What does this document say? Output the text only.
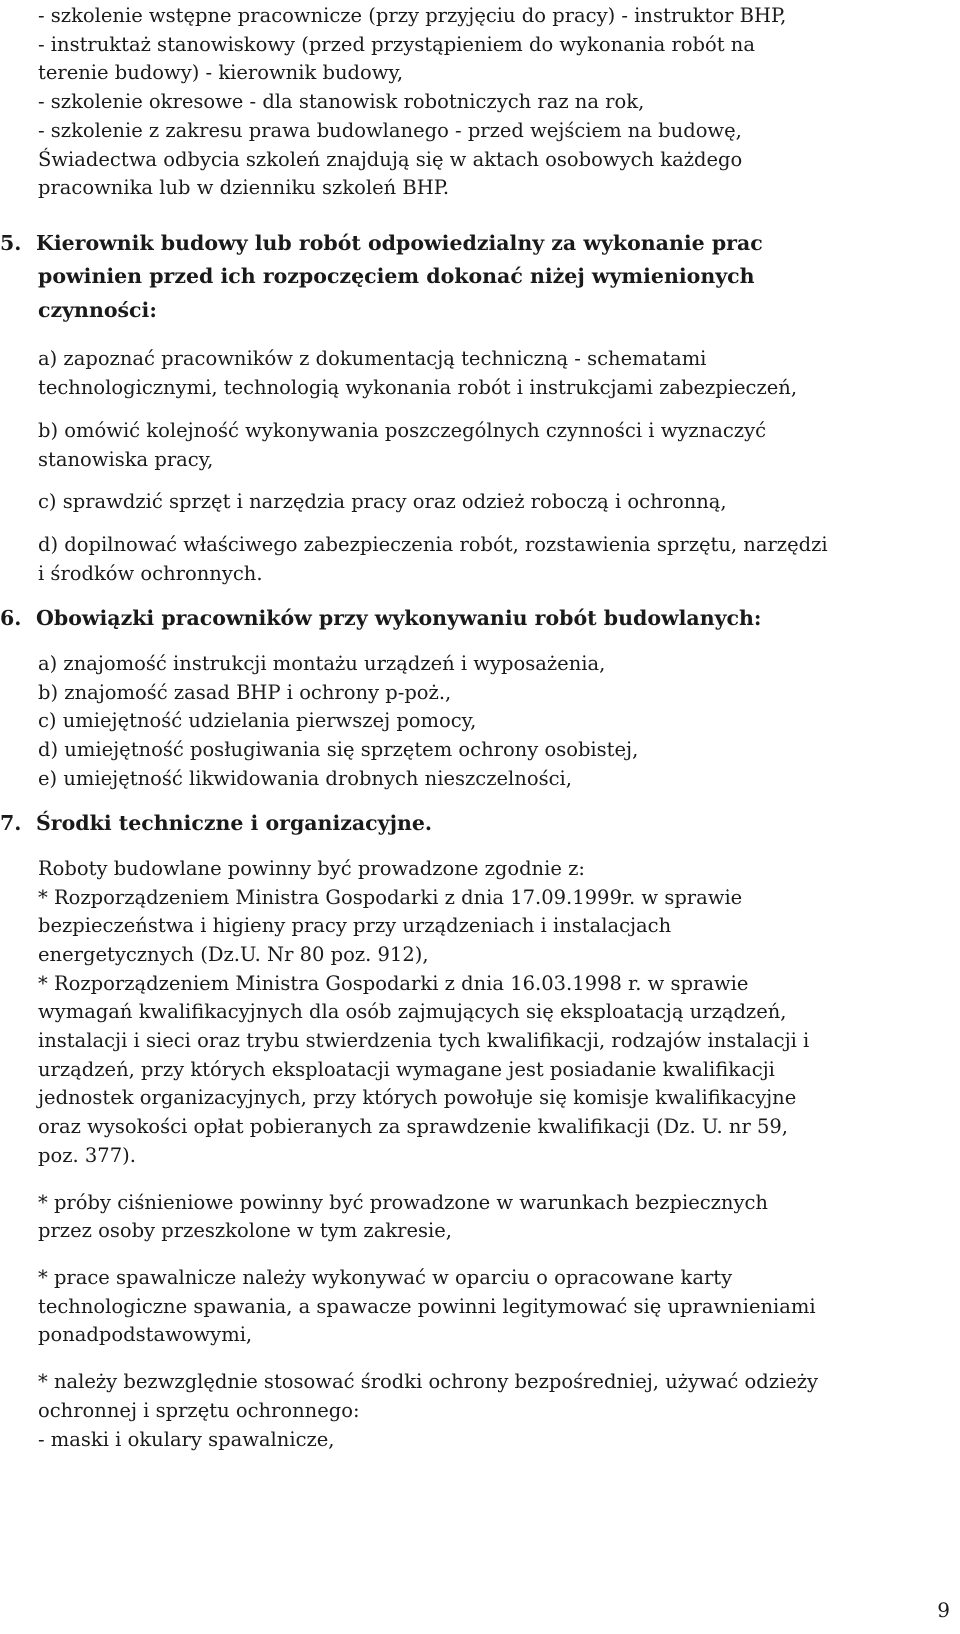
- szkolenie wstępne pracownicze (przy przyjęciu do pracy) - instruktor BHP,
- instruktaż stanowiskowy (przed przystąpieniem do wykonania robót na
terenie budowy) - kierownik budowy,
- szkolenie okresowe - dla stanowisk robotniczych raz na rok,
- szkolenie z zakresu prawa budowlanego - przed wejściem na budowę,
Świadectwa odbycia szkoleń znajdują się w aktach osobowych każdego
pracownika lub w dzienniku szkoleń BHP.
5. Kierownik budowy lub robót odpowiedzialny za wykonanie prac
powinien przed ich rozpoczęciem dokonać niżej wymienionych
czynności:
a) zapoznać pracowników z dokumentacją techniczną - schematami
technologicznymi, technologią wykonania robót i instrukcjami zabezpieczeń,
b) omówić kolejność wykonywania poszczególnych czynności i wyznaczyć
stanowiska pracy,
c) sprawdzić sprzęt i narzędzia pracy oraz odzież roboczą i ochronną,
d) dopilnować właściwego zabezpieczenia robót, rozstawienia sprzętu, narzędzi
i środków ochronnych.
6. Obowiązki pracowników przy wykonywaniu robót budowlanych:
a) znajomość instrukcji montażu urządzeń i wyposażenia,
b) znajomość zasad BHP i ochrony p-poż.,
c) umiejętność udzielania pierwszej pomocy,
d) umiejętność posługiwania się sprzętem ochrony osobistej,
e) umiejętność likwidowania drobnych nieszczelności,
7. Środki techniczne i organizacyjne.
Roboty budowlane powinny być prowadzone zgodnie z:
* Rozporządzeniem Ministra Gospodarki z dnia 17.09.1999r. w sprawie
bezpieczeństwa i higieny pracy przy urządzeniach i instalacjach
energetycznych (Dz.U. Nr 80 poz. 912),
* Rozporządzeniem Ministra Gospodarki z dnia 16.03.1998 r. w sprawie
wymagań kwalifikacyjnych dla osób zajmujących się eksploatacją urządzeń,
instalacji i sieci oraz trybu stwierdzenia tych kwalifikacji, rodzajów instalacji i
urządzeń, przy których eksploatacji wymagane jest posiadanie kwalifikacji
jednostek organizacyjnych, przy których powołuje się komisje kwalifikacyjne
oraz wysokości opłat pobieranych za sprawdzenie kwalifikacji (Dz. U. nr 59,
poz. 377).
* próby ciśnieniowe powinny być prowadzone w warunkach bezpiecznych
przez osoby przeszkolone w tym zakresie,
* prace spawalnicze należy wykonywać w oparciu o opracowane karty
technologiczne spawania, a spawacze powinni legitymować się uprawnieniami
ponadpodstawowymi,
* należy bezwzględnie stosować środki ochrony bezpośredniej, używać odzieży
ochronnej i sprzętu ochronnego:
- maski i okulary spawalnicze,
9
